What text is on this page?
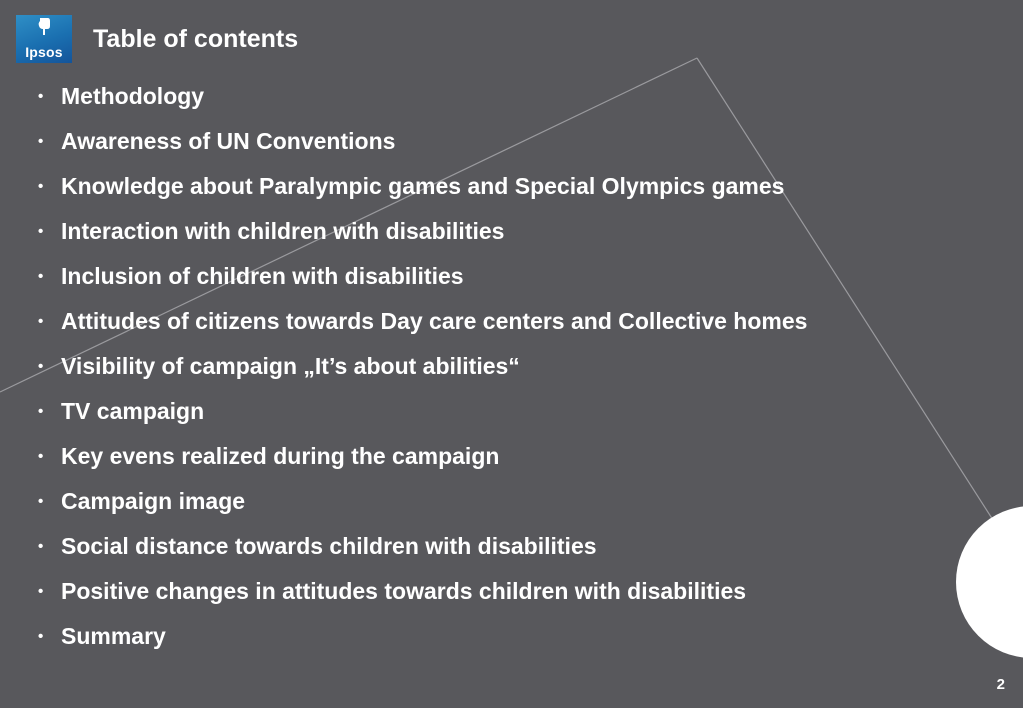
Ipsos	Table of contents
• Methodology
• Awareness of UN Conventions
• Knowledge about Paralympic games and Special Olympics games
• Interaction with children with disabilities
• Inclusion of children with disabilities
• Attitudes of citizens towards Day care centers and Collective homes
• Visibility of campaign „It’s about abilities“
• TV campaign
• Key evens realized during the campaign
• Campaign image
• Social distance towards children with disabilities
• Positive changes in attitudes towards children with disabilities
• Summary
2
